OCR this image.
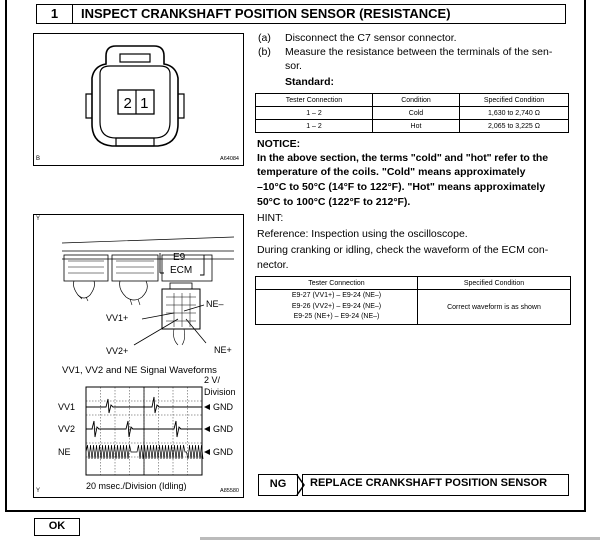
1	INSPECT CRANKSHAFT POSITION SENSOR (RESISTANCE)
2  1
A64084
B
(a) Disconnect the C7 sensor connector.
(b) Measure the resistance between the terminals of the sen-
sor.
Standard:
Tester Connection	Condition	Specified Condition
1 – 2	Cold	1,630 to 2,740 Ω
1 – 2	Hot	2,065 to 3,225 Ω
NOTICE:
In the above section, the terms "cold" and "hot" refer to the
temperature of the coils. "Cold" means approximately
–10°C to 50°C (14°F to 122°F). "Hot" means approximately
50°C to 100°C (122°F to 212°F).
HINT:
Reference: Inspection using the oscilloscope.
During cranking or idling, check the waveform of the ECM con-
nector.
Tester Connection	Specified Condition

E9-27 (VV1+) – E9-24 (NE–)
E9-26 (VV2+) – E9-24 (NE–)
E9-25 (NE+) – E9-24 (NE–)	Correct waveform is as shown
E9
ECM
NE–
VV1+
VV2+	NE+
VV1, VV2 and NE Signal Waveforms
2 V/
Division
VV1
VV2
NE
GND
GND
GND
20 msec./Division (Idling)	A85580
Y
Y
NG	REPLACE CRANKSHAFT POSITION SENSOR
OK
